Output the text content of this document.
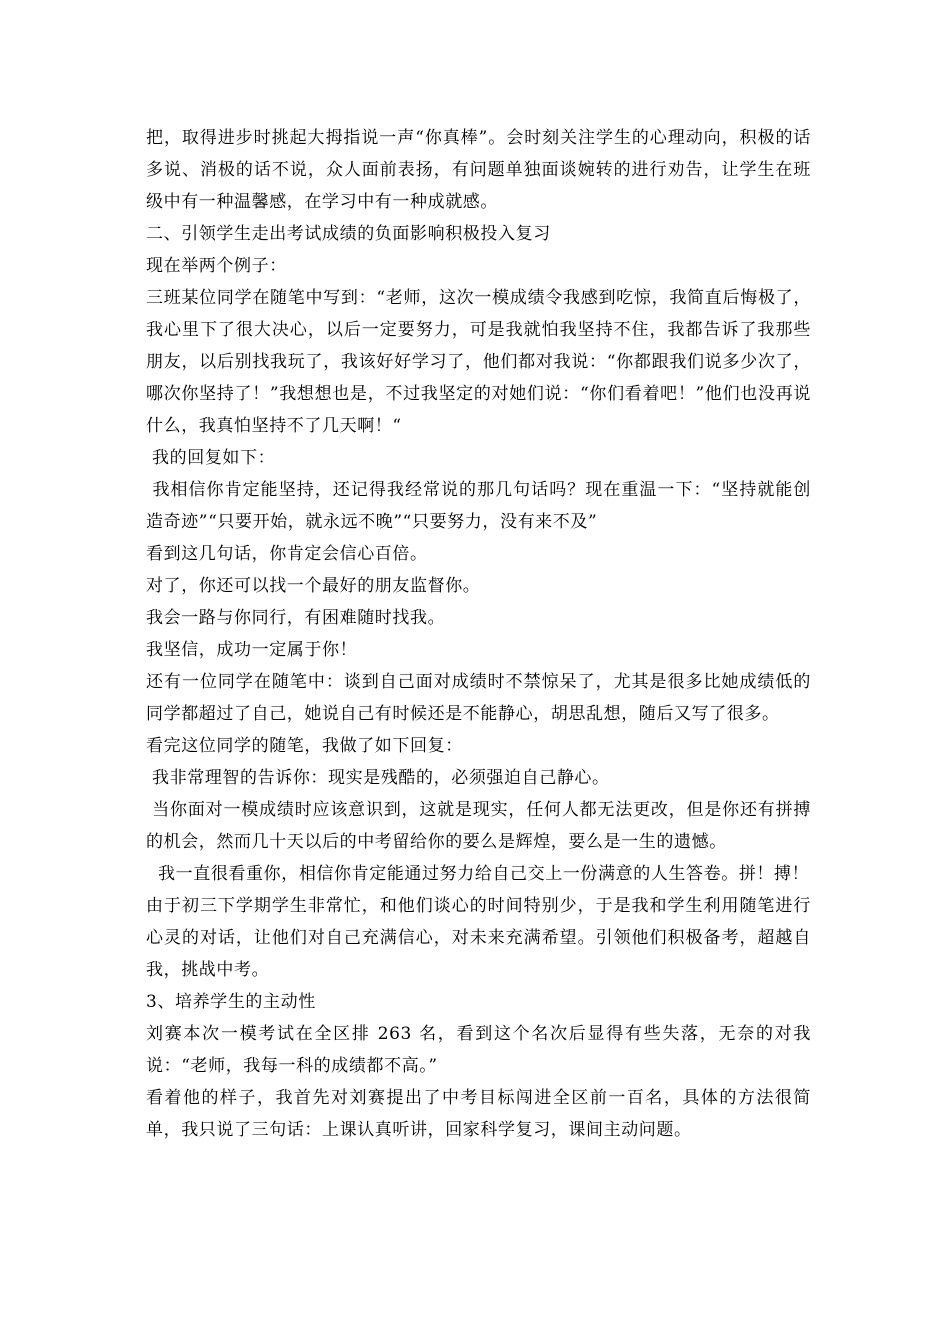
把，取得进步时挑起大拇指说一声“你真棒”。会时刻关注学生的心理动向，积极的话多说、消极的话不说，众人面前表扬，有问题单独面谈婉转的进行劝告，让学生在班级中有一种温馨感，在学习中有一种成就感。

二、引领学生走出考试成绩的负面影响积极投入复习

现在举两个例子：

三班某位同学在随笔中写到：“老师，这次一模成绩令我感到吃惊，我简直后悔极了，我心里下了很大决心，以后一定要努力，可是我就怕我坚持不住，我都告诉了我那些朋友，以后别找我玩了，我该好好学习了，他们都对我说：“你都跟我们说多少次了，哪次你坚持了！”我想想也是，不过我坚定的对她们说：“你们看着吧！”他们也没再说什么，我真怕坚持不了几天啊！“

我的回复如下：

我相信你肯定能坚持，还记得我经常说的那几句话吗？现在重温一下：“坚持就能创造奇迹”“只要开始，就永远不晚”“只要努力，没有来不及”

看到这几句话，你肯定会信心百倍。

对了，你还可以找一个最好的朋友监督你。

我会一路与你同行，有困难随时找我。

我坚信，成功一定属于你！

还有一位同学在随笔中：谈到自己面对成绩时不禁惊呆了，尤其是很多比她成绩低的同学都超过了自己，她说自己有时候还是不能静心，胡思乱想，随后又写了很多。

看完这位同学的随笔，我做了如下回复：

我非常理智的告诉你：现实是残酷的，必须强迫自己静心。

当你面对一模成绩时应该意识到，这就是现实，任何人都无法更改，但是你还有拼搏的机会，然而几十天以后的中考留给你的要么是辉煌，要么是一生的遗憾。

我一直很看重你，相信你肯定能通过努力给自己交上一份满意的人生答卷。拼！搏！

由于初三下学期学生非常忙，和他们谈心的时间特别少，于是我和学生利用随笔进行心灵的对话，让他们对自己充满信心，对未来充满希望。引领他们积极备考，超越自我，挑战中考。

3、培养学生的主动性

刘赛本次一模考试在全区排 263 名，看到这个名次后显得有些失落，无奈的对我说：“老师，我每一科的成绩都不高。”

看着他的样子，我首先对刘赛提出了中考目标闯进全区前一百名，具体的方法很简单，我只说了三句话：上课认真听讲，回家科学复习，课间主动问题。
